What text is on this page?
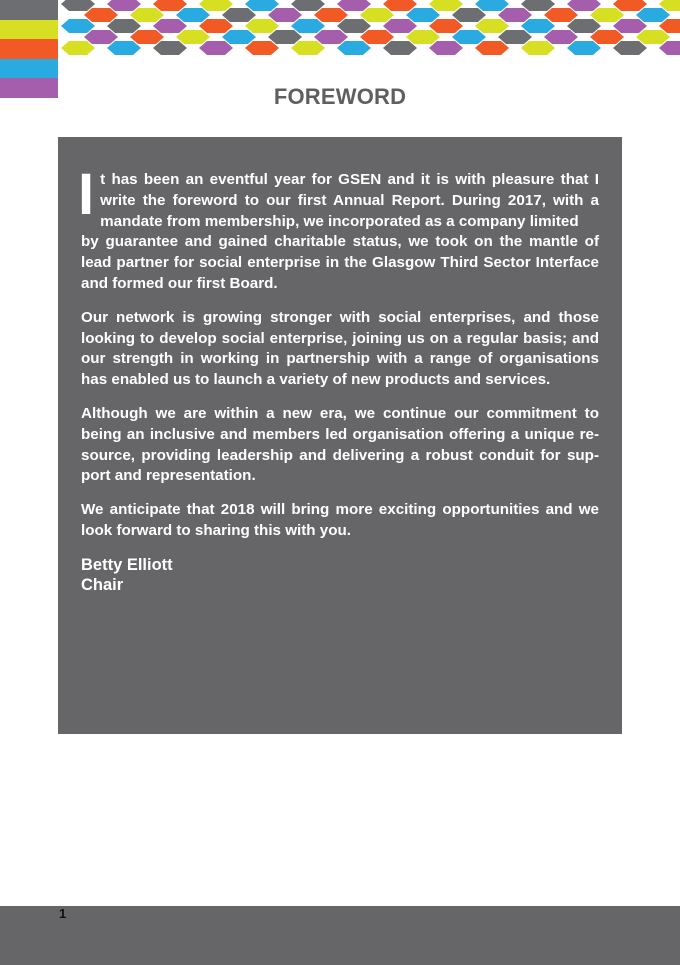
FOREWORD
I t has been an eventful year for GSEN and it is with pleasure that I write the foreword to our first Annual Report. During 2017, with a mandate from membership, we incorporated as a company limited

by guarantee and gained charitable status, we took on the mantle of lead partner for social enterprise in the Glasgow Third Sector Interface and formed our first Board.

Our network is growing stronger with social enterprises, and those looking to develop social enterprise, joining us on a regular basis; and our strength in working in partnership with a range of organisations has enabled us to launch a variety of new products and services.

Although we are within a new era, we continue our commitment to being an inclusive and members led organisation offering a unique re-source, providing leadership and delivering a robust conduit for sup-port and representation.

We anticipate that 2018 will bring more exciting opportunities and we look forward to sharing this with you.

Betty Elliott
Chair
1
